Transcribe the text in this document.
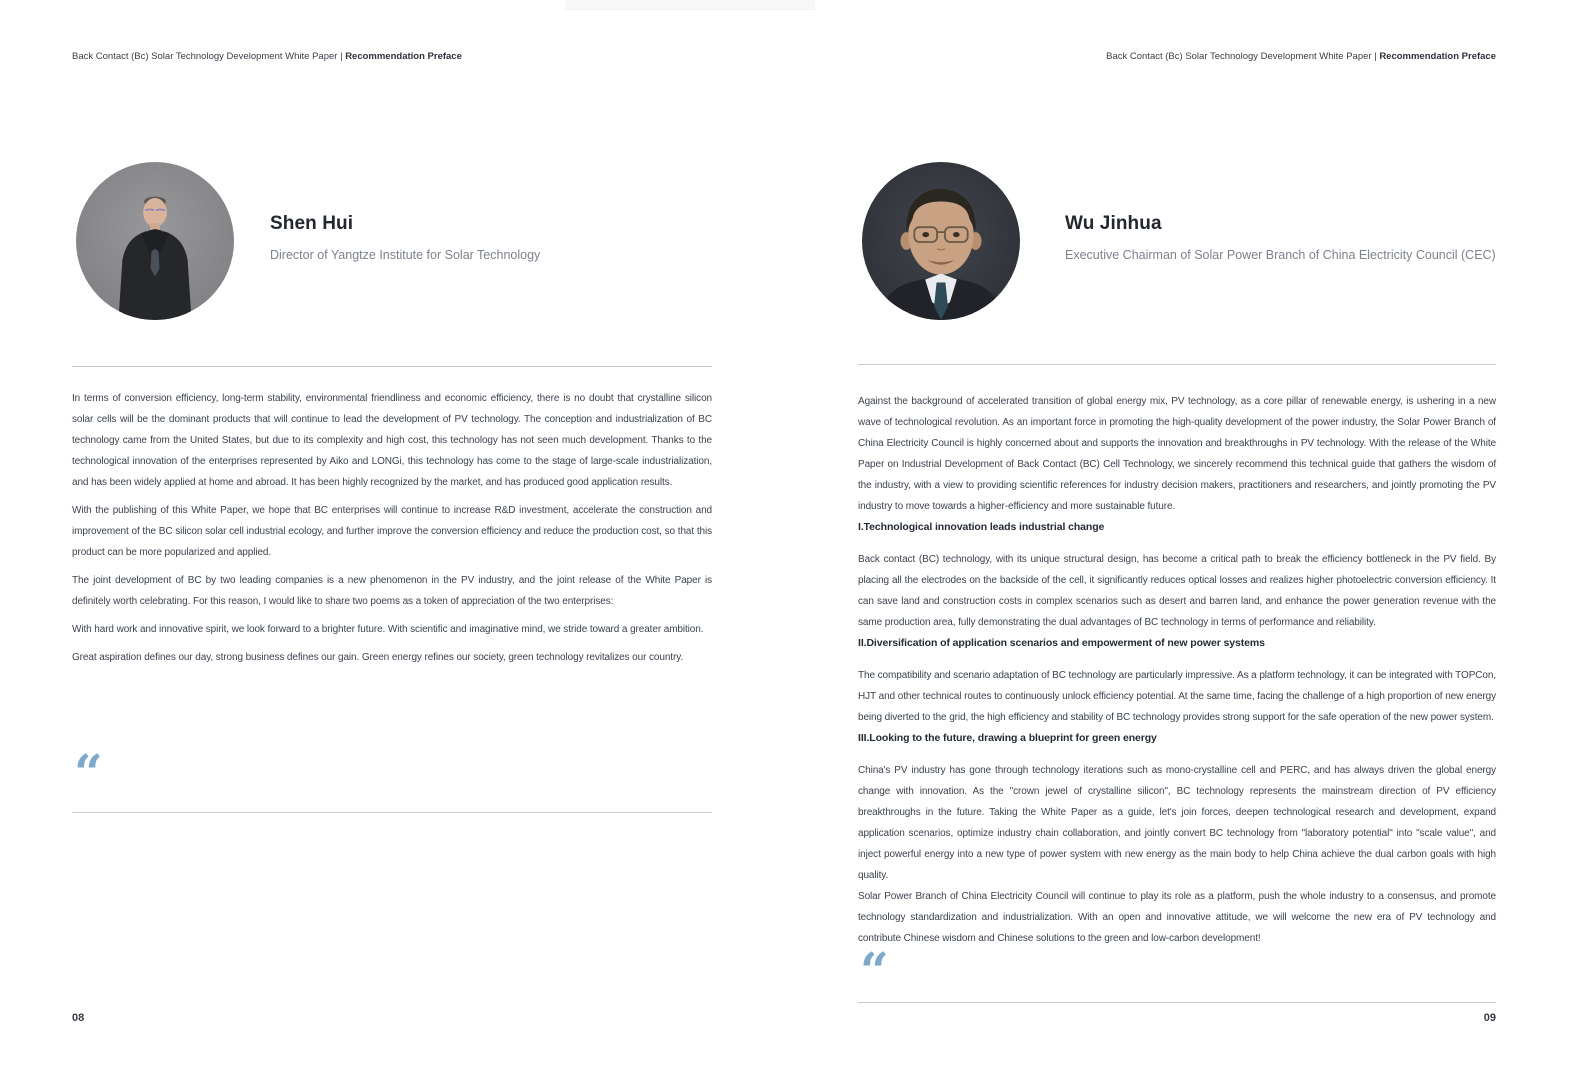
Back Contact (Bc) Solar Technology Development White Paper | Recommendation Preface
Shen Hui
Director of Yangtze Institute for Solar Technology

In terms of conversion efficiency, long-term stability, environmental friendliness and economic efficiency, there is no doubt that crystalline silicon solar cells will be the dominant products that will continue to lead the development of PV technology. The conception and industrialization of BC technology came from the United States, but due to its complexity and high cost, this technology has not seen much development. Thanks to the technological innovation of the enterprises represented by Aiko and LONGi, this technology has come to the stage of large-scale industrialization, and has been widely applied at home and abroad. It has been highly recognized by the market, and has produced good application results.

With the publishing of this White Paper, we hope that BC enterprises will continue to increase R&D investment, accelerate the construction and improvement of the BC silicon solar cell industrial ecology, and further improve the conversion efficiency and reduce the production cost, so that this product can be more popularized and applied.

The joint development of BC by two leading companies is a new phenomenon in the PV industry, and the joint release of the White Paper is definitely worth celebrating. For this reason, I would like to share two poems as a token of appreciation of the two enterprises:

With hard work and innovative spirit, we look forward to a brighter future. With scientific and imaginative mind, we stride toward a greater ambition.

Great aspiration defines our day, strong business defines our gain. Green energy refines our society, green technology revitalizes our country.

“
08
Back Contact (Bc) Solar Technology Development White Paper | Recommendation Preface
Wu Jinhua
Executive Chairman of Solar Power Branch of China Electricity Council (CEC)

Against the background of accelerated transition of global energy mix, PV technology, as a core pillar of renewable energy, is ushering in a new wave of technological revolution. As an important force in promoting the high-quality development of the power industry, the Solar Power Branch of China Electricity Council is highly concerned about and supports the innovation and breakthroughs in PV technology. With the release of the White Paper on Industrial Development of Back Contact (BC) Cell Technology, we sincerely recommend this technical guide that gathers the wisdom of the industry, with a view to providing scientific references for industry decision makers, practitioners and researchers, and jointly promoting the PV industry to move towards a higher-efficiency and more sustainable future.

I.Technological innovation leads industrial change

Back contact (BC) technology, with its unique structural design, has become a critical path to break the efficiency bottleneck in the PV field. By placing all the electrodes on the backside of the cell, it significantly reduces optical losses and realizes higher photoelectric conversion efficiency. It can save land and construction costs in complex scenarios such as desert and barren land, and enhance the power generation revenue with the same production area, fully demonstrating the dual advantages of BC technology in terms of performance and reliability.

II.Diversification of application scenarios and empowerment of new power systems

The compatibility and scenario adaptation of BC technology are particularly impressive. As a platform technology, it can be integrated with TOPCon, HJT and other technical routes to continuously unlock efficiency potential. At the same time, facing the challenge of a high proportion of new energy being diverted to the grid, the high efficiency and stability of BC technology provides strong support for the safe operation of the new power system.

III.Looking to the future, drawing a blueprint for green energy

China's PV industry has gone through technology iterations such as mono-crystalline cell and PERC, and has always driven the global energy change with innovation. As the "crown jewel of crystalline silicon", BC technology represents the mainstream direction of PV efficiency breakthroughs in the future. Taking the White Paper as a guide, let's join forces, deepen technological research and development, expand application scenarios, optimize industry chain collaboration, and jointly convert BC technology from "laboratory potential" into "scale value", and inject powerful energy into a new type of power system with new energy as the main body to help China achieve the dual carbon goals with high quality.

Solar Power Branch of China Electricity Council will continue to play its role as a platform, push the whole industry to a consensus, and promote technology standardization and industrialization. With an open and innovative attitude, we will welcome the new era of PV technology and contribute Chinese wisdom and Chinese solutions to the green and low-carbon development!

“
09
